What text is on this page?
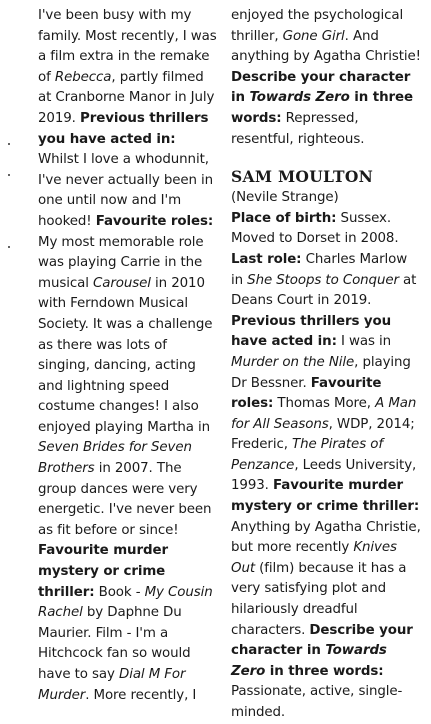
I've been busy with my family. Most recently, I was a film extra in the remake of Rebecca, partly filmed at Cranborne Manor in July 2019. Previous thrillers you have acted in: Whilst I love a whodunnit, I've never actually been in one until now and I'm hooked! Favourite roles: My most memorable role was playing Carrie in the musical Carousel in 2010 with Ferndown Musical Society. It was a challenge as there was lots of singing, dancing, acting and lightning speed costume changes! I also enjoyed playing Martha in Seven Brides for Seven Brothers in 2007. The group dances were very energetic. I've never been as fit before or since! Favourite murder mystery or crime thriller: Book - My Cousin Rachel by Daphne Du Maurier. Film - I'm a Hitchcock fan so would have to say Dial M For Murder. More recently, I

enjoyed the psychological thriller, Gone Girl. And anything by Agatha Christie! Describe your character in Towards Zero in three words: Repressed, resentful, righteous.

SAM MOULTON
(Nevile Strange)

Place of birth: Sussex. Moved to Dorset in 2008. Last role: Charles Marlow in She Stoops to Conquer at Deans Court in 2019. Previous thrillers you have acted in: I was in Murder on the Nile, playing Dr Bessner. Favourite roles: Thomas More, A Man for All Seasons, WDP, 2014; Frederic, The Pirates of Penzance, Leeds University, 1993. Favourite murder mystery or crime thriller: Anything by Agatha Christie, but more recently Knives Out (film) because it has a very satisfying plot and hilariously dreadful characters. Describe your character in Towards Zero in three words: Passionate, active, single-minded.
